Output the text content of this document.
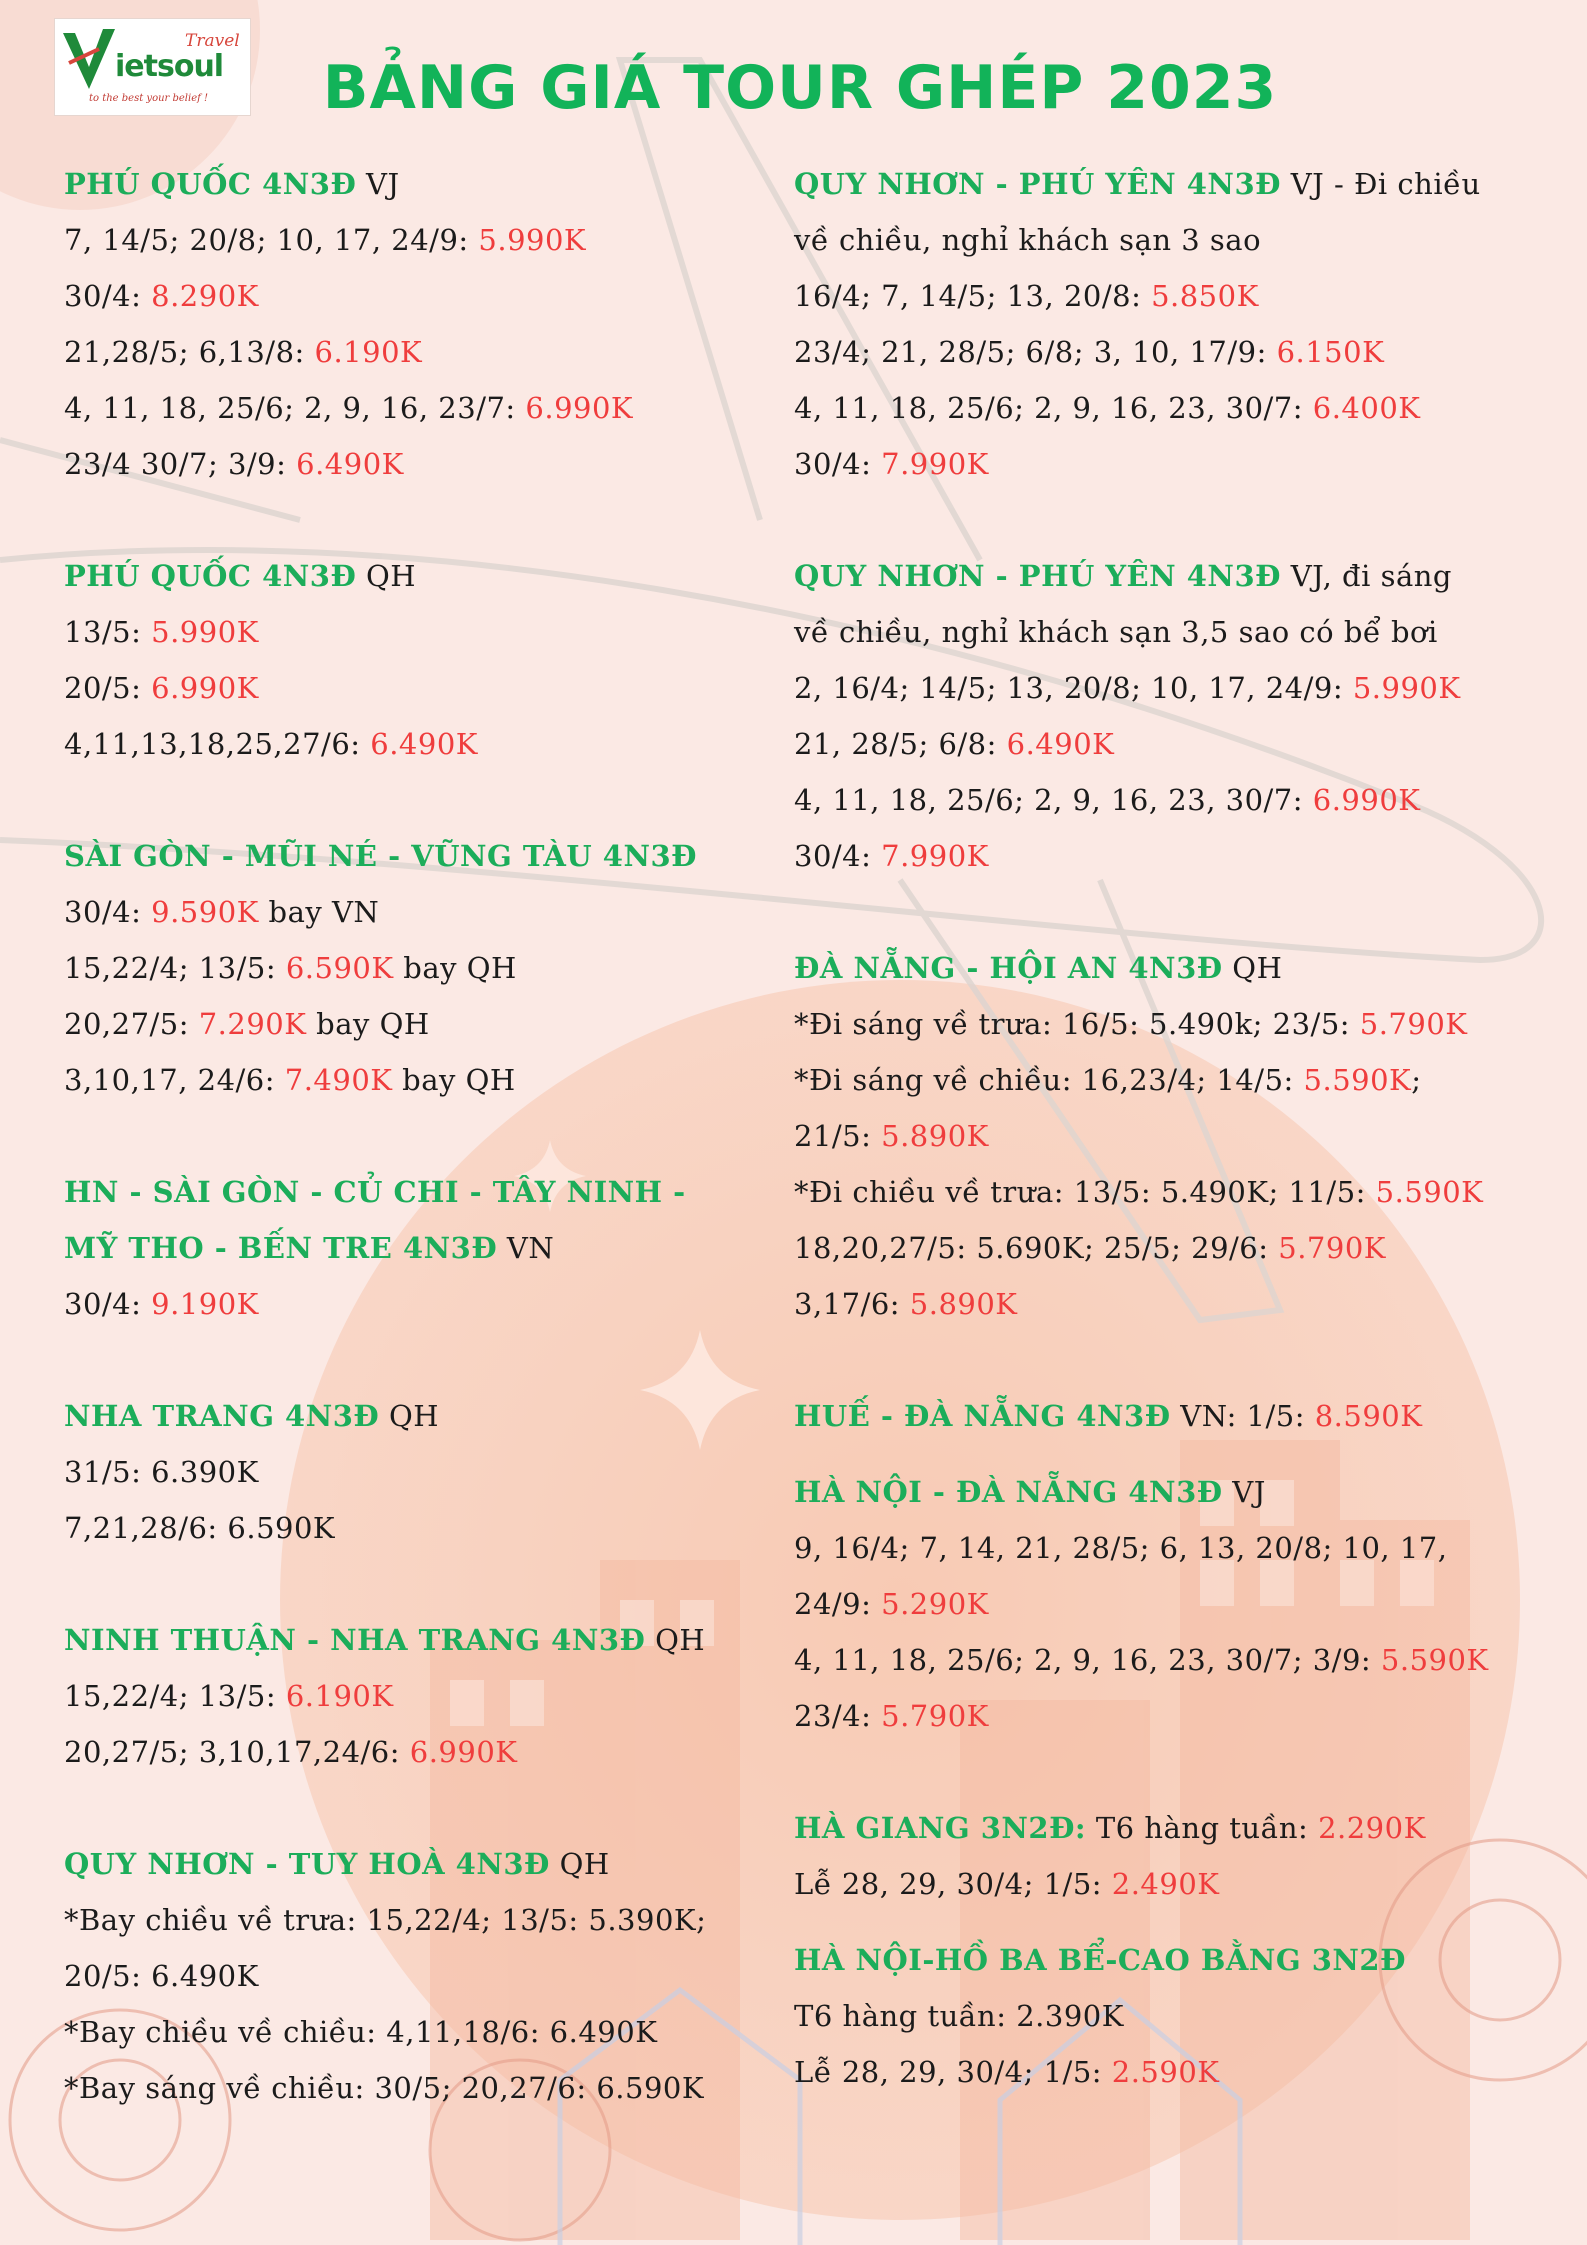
ietsoul
Travel
to the best your belief !	BẢNG GIÁ TOUR GHÉP 2023
PHÚ QUỐC 4N3Đ VJ
7, 14/5; 20/8; 10, 17, 24/9: 5.990K
30/4: 8.290K
21,28/5; 6,13/8: 6.190K
4, 11, 18, 25/6; 2, 9, 16, 23/7: 6.990K
23/4 30/7; 3/9: 6.490K
PHÚ QUỐC 4N3Đ QH
13/5: 5.990K
20/5: 6.990K
4,11,13,18,25,27/6: 6.490K
SÀI GÒN - MŨI NÉ - VŨNG TÀU 4N3Đ
30/4: 9.590K bay VN
15,22/4; 13/5: 6.590K bay QH
20,27/5: 7.290K bay QH
3,10,17, 24/6: 7.490K bay QH
HN - SÀI GÒN - CỦ CHI - TÂY NINH -
MỸ THO - BẾN TRE 4N3Đ VN
30/4: 9.190K
NHA TRANG 4N3Đ QH
31/5: 6.390K
7,21,28/6: 6.590K
NINH THUẬN - NHA TRANG 4N3Đ QH
15,22/4; 13/5: 6.190K
20,27/5; 3,10,17,24/6: 6.990K
QUY NHƠN - TUY HOÀ 4N3Đ QH
*Bay chiều về trưa: 15,22/4; 13/5: 5.390K;
20/5: 6.490K
*Bay chiều về chiều: 4,11,18/6: 6.490K
*Bay sáng về chiều: 30/5; 20,27/6: 6.590K
QUY NHƠN - PHÚ YÊN 4N3Đ VJ - Đi chiều
về chiều, nghỉ khách sạn 3 sao
16/4; 7, 14/5; 13, 20/8: 5.850K
23/4; 21, 28/5; 6/8; 3, 10, 17/9: 6.150K
4, 11, 18, 25/6; 2, 9, 16, 23, 30/7: 6.400K
30/4: 7.990K
QUY NHƠN - PHÚ YÊN 4N3Đ VJ, đi sáng
về chiều, nghỉ khách sạn 3,5 sao có bể bơi
2, 16/4; 14/5; 13, 20/8; 10, 17, 24/9: 5.990K
21, 28/5; 6/8: 6.490K
4, 11, 18, 25/6; 2, 9, 16, 23, 30/7: 6.990K
30/4: 7.990K
ĐÀ NẴNG - HỘI AN 4N3Đ QH
*Đi sáng về trưa: 16/5: 5.490k; 23/5: 5.790K
*Đi sáng về chiều: 16,23/4; 14/5: 5.590K;
21/5: 5.890K
*Đi chiều về trưa: 13/5: 5.490K; 11/5: 5.590K
18,20,27/5: 5.690K; 25/5; 29/6: 5.790K
3,17/6: 5.890K
HUẾ - ĐÀ NẴNG 4N3Đ VN: 1/5: 8.590K
HÀ NỘI - ĐÀ NẴNG 4N3Đ VJ
9, 16/4; 7, 14, 21, 28/5; 6, 13, 20/8; 10, 17,
24/9: 5.290K
4, 11, 18, 25/6; 2, 9, 16, 23, 30/7; 3/9: 5.590K
23/4: 5.790K
HÀ GIANG 3N2Đ: T6 hàng tuần: 2.290K
Lễ 28, 29, 30/4; 1/5: 2.490K
HÀ NỘI-HỒ BA BỂ-CAO BẰNG 3N2Đ
T6 hàng tuần: 2.390K
Lễ 28, 29, 30/4; 1/5: 2.590K
